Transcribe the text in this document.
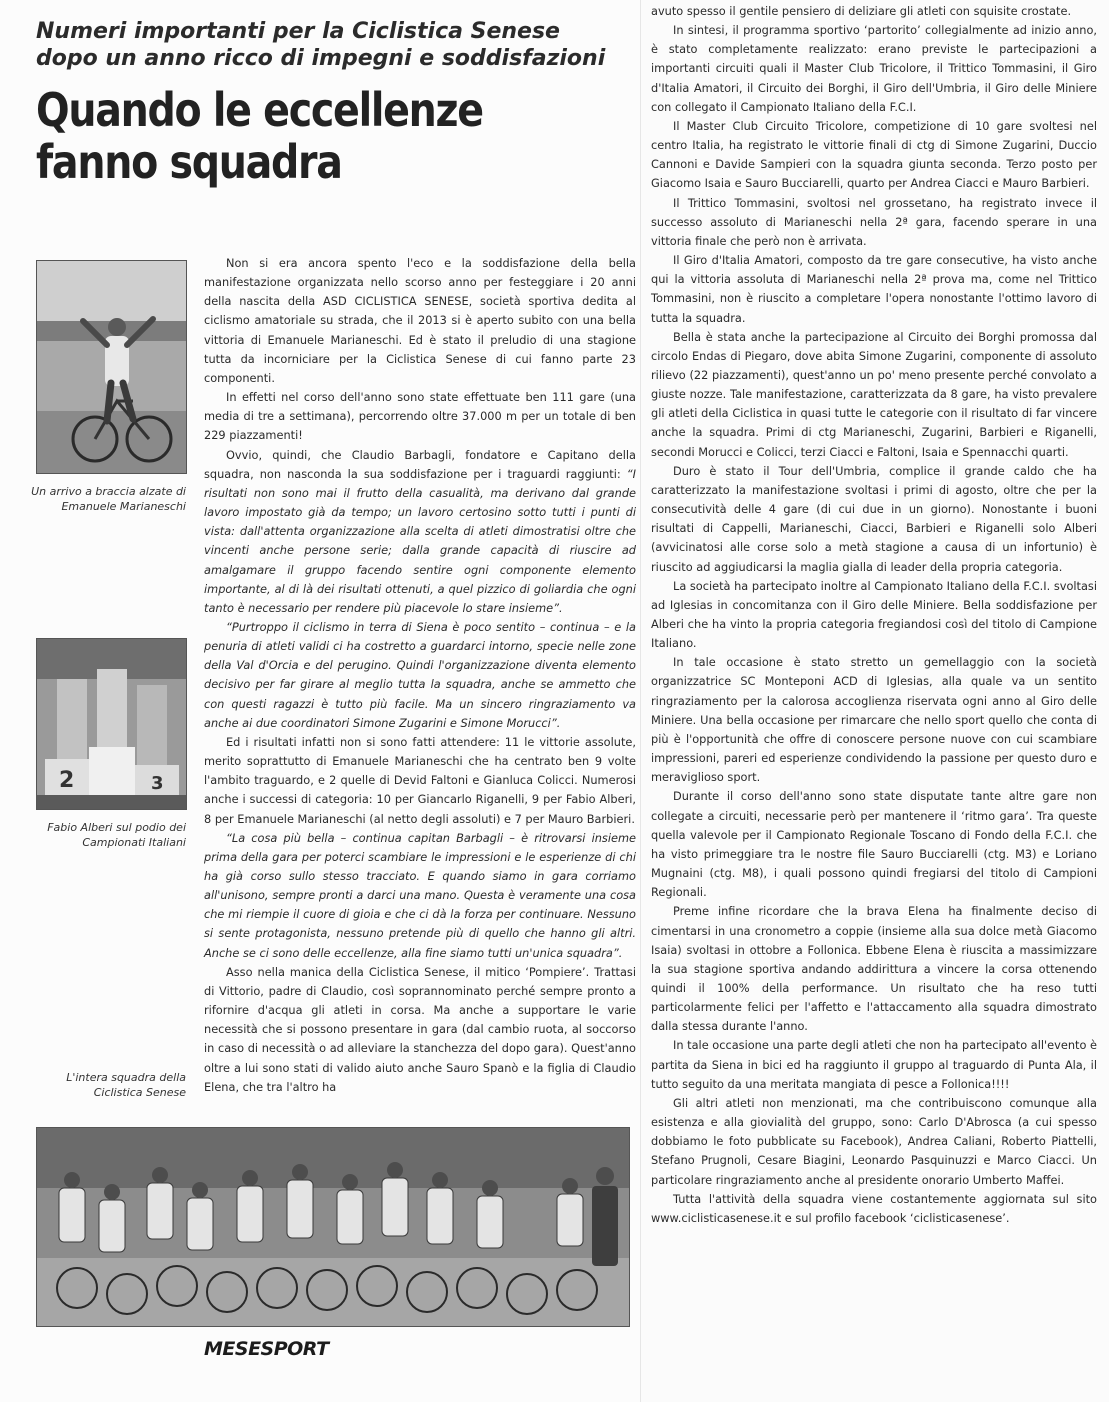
Numeri importanti per la Ciclistica Senese dopo un anno ricco di impegni e soddisfazioni
Quando le eccellenze fanno squadra
Un arrivo a braccia alzate di Emanuele Marianeschi
2	3
Fabio Alberi sul podio dei Campionati Italiani
L'intera squadra della Ciclistica Senese

Non si era ancora spento l'eco e la soddisfazione della bella manifestazione organizzata nello scorso anno per festeggiare i 20 anni della nascita della ASD CICLISTICA SENESE, società sportiva dedita al ciclismo amatoriale su strada, che il 2013 si è aperto subito con una bella vittoria di Emanuele Marianeschi. Ed è stato il preludio di una stagione tutta da incorniciare per la Ciclistica Senese di cui fanno parte 23 componenti.

In effetti nel corso dell'anno sono state effettuate ben 111 gare (una media di tre a settimana), percorrendo oltre 37.000 m per un totale di ben 229 piazzamenti!

Ovvio, quindi, che Claudio Barbagli, fondatore e Capitano della squadra, non nasconda la sua soddisfazione per i traguardi raggiunti: “I risultati non sono mai il frutto della casualità, ma derivano dal grande lavoro impostato già da tempo; un lavoro certosino sotto tutti i punti di vista: dall'attenta organizzazione alla scelta di atleti dimostratisi oltre che vincenti anche persone serie; dalla grande capacità di riuscire ad amalgamare il gruppo facendo sentire ogni componente elemento importante, al di là dei risultati ottenuti, a quel pizzico di goliardia che ogni tanto è necessario per rendere più piacevole lo stare insieme”.

“Purtroppo il ciclismo in terra di Siena è poco sentito – continua – e la penuria di atleti validi ci ha costretto a guardarci intorno, specie nelle zone della Val d'Orcia e del perugino. Quindi l'organizzazione diventa elemento decisivo per far girare al meglio tutta la squadra, anche se ammetto che con questi ragazzi è tutto più facile. Ma un sincero ringraziamento va anche ai due coordinatori Simone Zugarini e Simone Morucci”.

Ed i risultati infatti non si sono fatti attendere: 11 le vittorie assolute, merito soprattutto di Emanuele Marianeschi che ha centrato ben 9 volte l'ambito traguardo, e 2 quelle di Devid Faltoni e Gianluca Colicci. Numerosi anche i successi di categoria: 10 per Giancarlo Riganelli, 9 per Fabio Alberi, 8 per Emanuele Marianeschi (al netto degli assoluti) e 7 per Mauro Barbieri.

“La cosa più bella – continua capitan Barbagli – è ritrovarsi insieme prima della gara per poterci scambiare le impressioni e le esperienze di chi ha già corso sullo stesso tracciato. E quando siamo in gara corriamo all'unisono, sempre pronti a darci una mano. Questa è veramente una cosa che mi riempie il cuore di gioia e che ci dà la forza per continuare. Nessuno si sente protagonista, nessuno pretende più di quello che hanno gli altri. Anche se ci sono delle eccellenze, alla fine siamo tutti un'unica squadra”.

Asso nella manica della Ciclistica Senese, il mitico ‘Pompiere’. Trattasi di Vittorio, padre di Claudio, così soprannominato perché sempre pronto a rifornire d'acqua gli atleti in corsa. Ma anche a supportare le varie necessità che si possono presentare in gara (dal cambio ruota, al soccorso in caso di necessità o ad alleviare la stanchezza del dopo gara). Quest'anno oltre a lui sono stati di valido aiuto anche Sauro Spanò e la figlia di Claudio Elena, che tra l'altro ha

MESESPORT

avuto spesso il gentile pensiero di deliziare gli atleti con squisite crostate.

In sintesi, il programma sportivo ‘partorito’ collegialmente ad inizio anno, è stato completamente realizzato: erano previste le partecipazioni a importanti circuiti quali il Master Club Tricolore, il Trittico Tommasini, il Giro d'Italia Amatori, il Circuito dei Borghi, il Giro dell'Umbria, il Giro delle Miniere con collegato il Campionato Italiano della F.C.I.

Il Master Club Circuito Tricolore, competizione di 10 gare svoltesi nel centro Italia, ha registrato le vittorie finali di ctg di Simone Zugarini, Duccio Cannoni e Davide Sampieri con la squadra giunta seconda. Terzo posto per Giacomo Isaia e Sauro Bucciarelli, quarto per Andrea Ciacci e Mauro Barbieri.

Il Trittico Tommasini, svoltosi nel grossetano, ha registrato invece il successo assoluto di Marianeschi nella 2ª gara, facendo sperare in una vittoria finale che però non è arrivata.

Il Giro d'Italia Amatori, composto da tre gare consecutive, ha visto anche qui la vittoria assoluta di Marianeschi nella 2ª prova ma, come nel Trittico Tommasini, non è riuscito a completare l'opera nonostante l'ottimo lavoro di tutta la squadra.

Bella è stata anche la partecipazione al Circuito dei Borghi promossa dal circolo Endas di Piegaro, dove abita Simone Zugarini, componente di assoluto rilievo (22 piazzamenti), quest'anno un po' meno presente perché convolato a giuste nozze. Tale manifestazione, caratterizzata da 8 gare, ha visto prevalere gli atleti della Ciclistica in quasi tutte le categorie con il risultato di far vincere anche la squadra. Primi di ctg Marianeschi, Zugarini, Barbieri e Riganelli, secondi Morucci e Colicci, terzi Ciacci e Faltoni, Isaia e Spennacchi quarti.

Duro è stato il Tour dell'Umbria, complice il grande caldo che ha caratterizzato la manifestazione svoltasi i primi di agosto, oltre che per la consecutività delle 4 gare (di cui due in un giorno). Nonostante i buoni risultati di Cappelli, Marianeschi, Ciacci, Barbieri e Riganelli solo Alberi (avvicinatosi alle corse solo a metà stagione a causa di un infortunio) è riuscito ad aggiudicarsi la maglia gialla di leader della propria categoria.

La società ha partecipato inoltre al Campionato Italiano della F.C.I. svoltasi ad Iglesias in concomitanza con il Giro delle Miniere. Bella soddisfazione per Alberi che ha vinto la propria categoria fregiandosi così del titolo di Campione Italiano.

In tale occasione è stato stretto un gemellaggio con la società organizzatrice SC Monteponi ACD di Iglesias, alla quale va un sentito ringraziamento per la calorosa accoglienza riservata ogni anno al Giro delle Miniere. Una bella occasione per rimarcare che nello sport quello che conta di più è l'opportunità che offre di conoscere persone nuove con cui scambiare impressioni, pareri ed esperienze condividendo la passione per questo duro e meraviglioso sport.

Durante il corso dell'anno sono state disputate tante altre gare non collegate a circuiti, necessarie però per mantenere il ‘ritmo gara’. Tra queste quella valevole per il Campionato Regionale Toscano di Fondo della F.C.I. che ha visto primeggiare tra le nostre file Sauro Bucciarelli (ctg. M3) e Loriano Mugnaini (ctg. M8), i quali possono quindi fregiarsi del titolo di Campioni Regionali.

Preme infine ricordare che la brava Elena ha finalmente deciso di cimentarsi in una cronometro a coppie (insieme alla sua dolce metà Giacomo Isaia) svoltasi in ottobre a Follonica. Ebbene Elena è riuscita a massimizzare la sua stagione sportiva andando addirittura a vincere la corsa ottenendo quindi il 100% della performance. Un risultato che ha reso tutti particolarmente felici per l'affetto e l'attaccamento alla squadra dimostrato dalla stessa durante l'anno.

In tale occasione una parte degli atleti che non ha partecipato all'evento è partita da Siena in bici ed ha raggiunto il gruppo al traguardo di Punta Ala, il tutto seguito da una meritata mangiata di pesce a Follonica!!!!

Gli altri atleti non menzionati, ma che contribuiscono comunque alla esistenza e alla giovialità del gruppo, sono: Carlo D'Abrosca (a cui spesso dobbiamo le foto pubblicate su Facebook), Andrea Caliani, Roberto Piattelli, Stefano Prugnoli, Cesare Biagini, Leonardo Pasquinuzzi e Marco Ciacci. Un particolare ringraziamento anche al presidente onorario Umberto Maffei.

Tutta l'attività della squadra viene costantemente aggiornata sul sito www.ciclisticasenese.it e sul profilo facebook ‘ciclisticasenese’.
